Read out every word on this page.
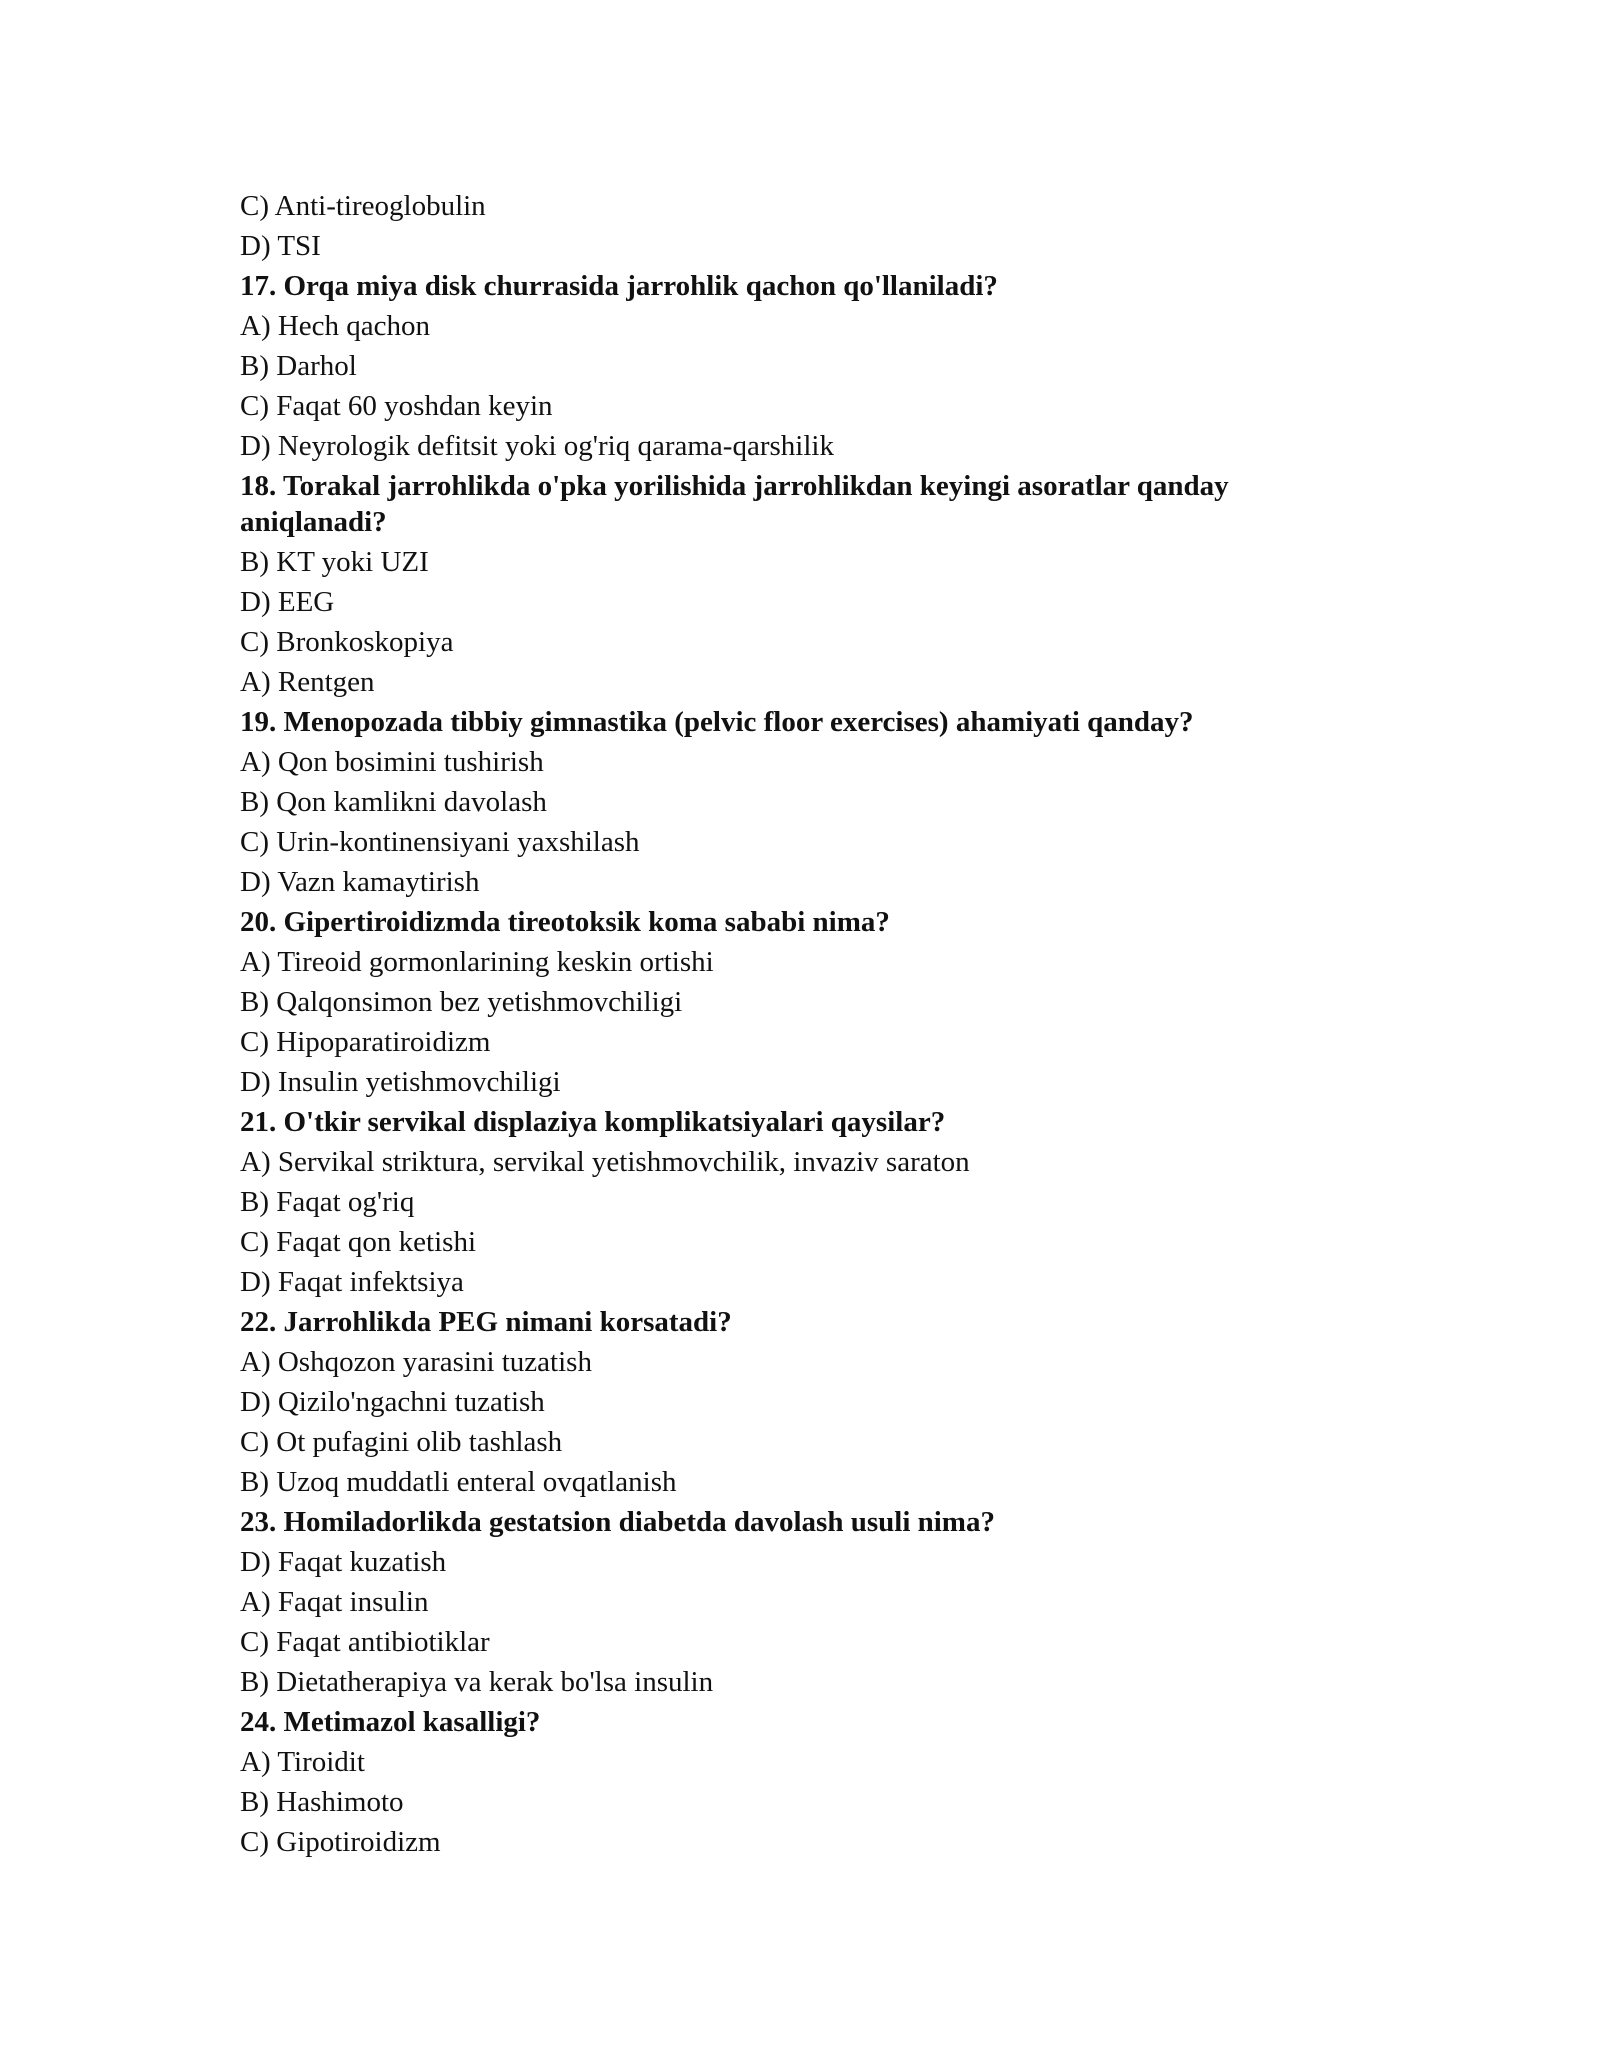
C) Anti-tireoglobulin
D) TSI
17. Orqa miya disk churrasida jarrohlik qachon qo'llaniladi?
A) Hech qachon
B) Darhol
C) Faqat 60 yoshdan keyin
D) Neyrologik defitsit yoki og'riq qarama-qarshilik
18. Torakal jarrohlikda o'pka yorilishida jarrohlikdan keyingi asoratlar qanday aniqlanadi?
B) KT yoki UZI
D) EEG
C) Bronkoskopiya
A) Rentgen
19. Menopozada tibbiy gimnastika (pelvic floor exercises) ahamiyati qanday?
A) Qon bosimini tushirish
B) Qon kamlikni davolash
C) Urin-kontinensiyani yaxshilash
D) Vazn kamaytirish
20. Gipertiroidizmda tireotoksik koma sababi nima?
A) Tireoid gormonlarining keskin ortishi
B) Qalqonsimon bez yetishmovchiligi
C) Hipoparatiroidizm
D) Insulin yetishmovchiligi
21. O'tkir servikal displaziya komplikatsiyalari qaysilar?
A) Servikal striktura, servikal yetishmovchilik, invaziv saraton
B) Faqat og'riq
C) Faqat qon ketishi
D) Faqat infektsiya
22. Jarrohlikda PEG nimani korsatadi?
A) Oshqozon yarasini tuzatish
D) Qizilo'ngachni tuzatish
C) Ot pufagini olib tashlash
B) Uzoq muddatli enteral ovqatlanish
23. Homiladorlikda gestatsion diabetda davolash usuli nima?
D) Faqat kuzatish
A) Faqat insulin
C) Faqat antibiotiklar
B) Dietatherapiya va kerak bo'lsa insulin
24. Metimazol kasalligi?
A) Tiroidit
B) Hashimoto
C) Gipotiroidizm
